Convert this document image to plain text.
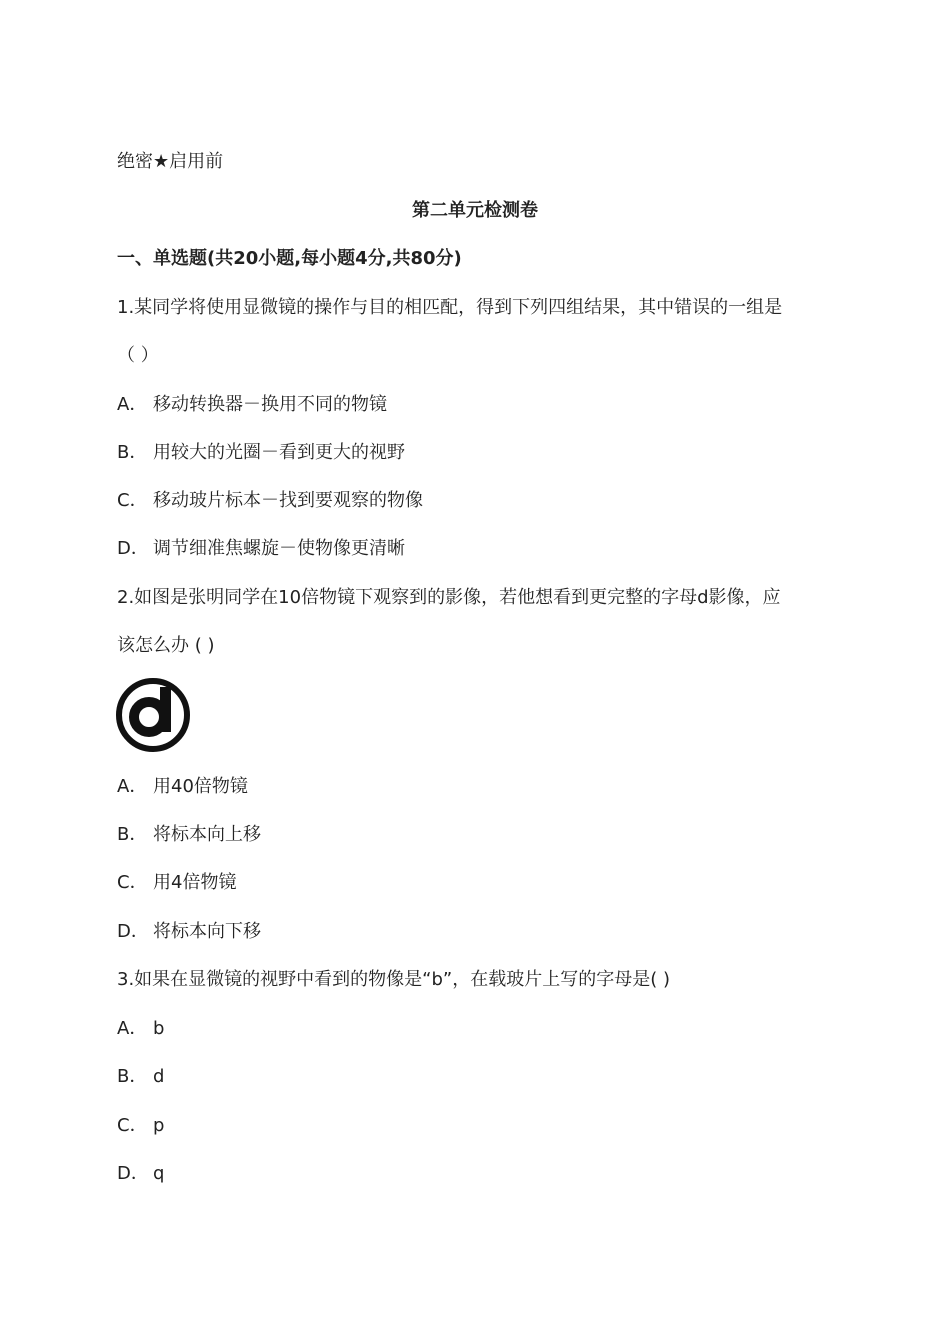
绝密★启用前
第二单元检测卷
一、单选题(共20小题,每小题4分,共80分)
1.某同学将使用显微镜的操作与目的相匹配，得到下列四组结果，其中错误的一组是
（ ）
A． 移动转换器－换用不同的物镜
B． 用较大的光圈－看到更大的视野
C． 移动玻片标本－找到要观察的物像
D． 调节细准焦螺旋－使物像更清晰
2.如图是张明同学在10倍物镜下观察到的影像，若他想看到更完整的字母d影像，应
该怎么办 ( )
A． 用40倍物镜
B． 将标本向上移
C． 用4倍物镜
D． 将标本向下移
3.如果在显微镜的视野中看到的物像是“b”，在载玻片上写的字母是( )
A． b
B． d
C． p
D． q
